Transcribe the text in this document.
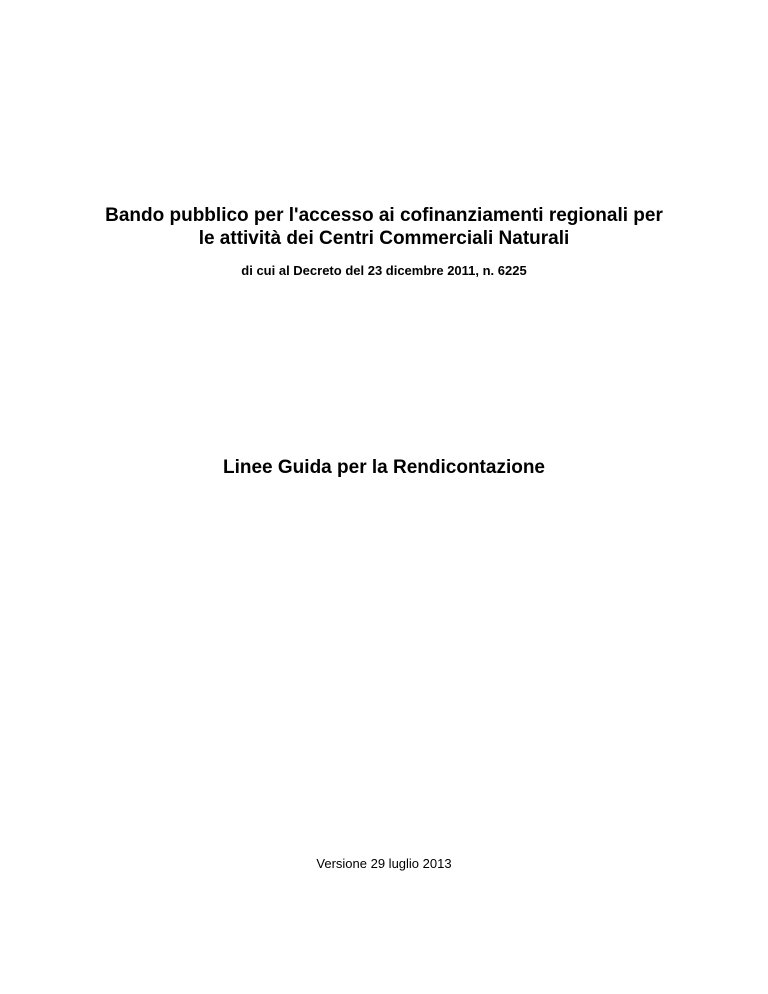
Bando pubblico per l'accesso ai cofinanziamenti regionali per
le attività dei Centri Commerciali Naturali
di cui al Decreto del 23 dicembre 2011, n. 6225
Linee Guida per la Rendicontazione
Versione 29 luglio 2013
